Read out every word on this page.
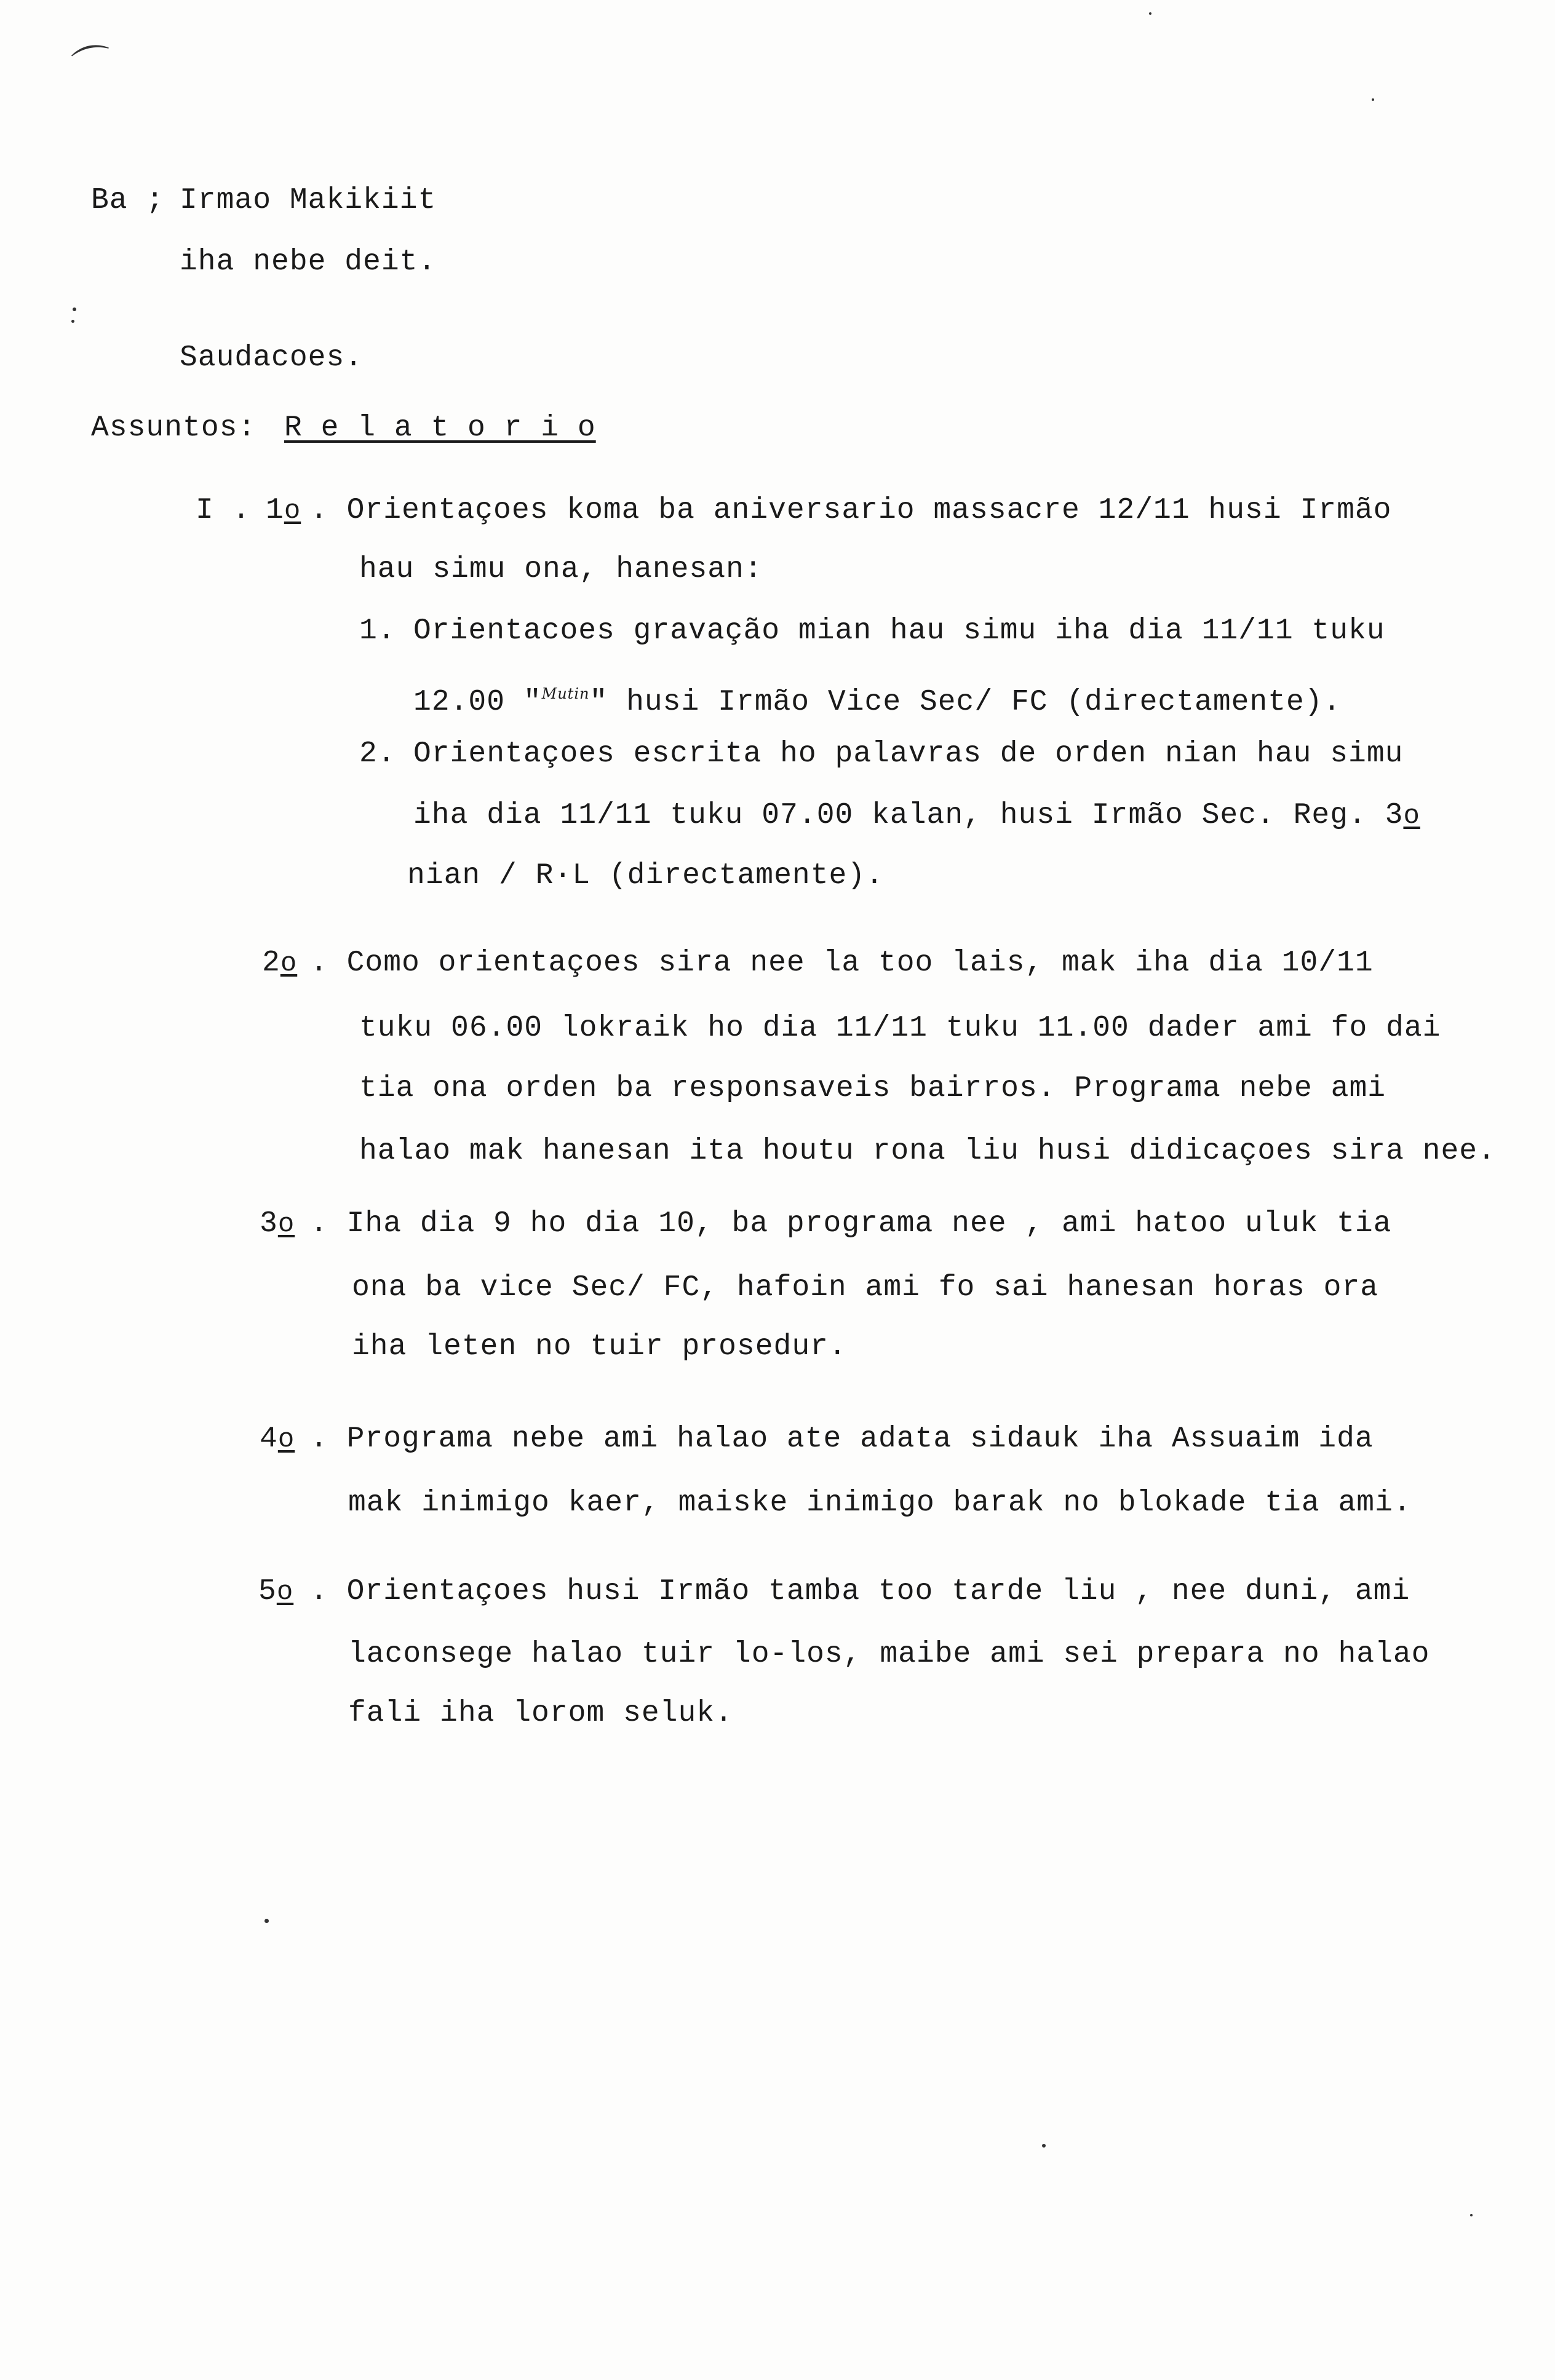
⌒
Ba ; Irmao Makikiit
iha nebe deit.
Saudacoes.
Assuntos: R e l a t o r i o
I . 1o . Orientaçoes koma ba aniversario massacre 12/11 husi Irmão
hau simu ona, hanesan:
1. Orientacoes gravação mian hau simu iha dia 11/11 tuku
12.00 "$^{Mutin}$" husi Irmão Vice Sec/ FC (directamente).
2. Orientaçoes escrita ho palavras de orden nian hau simu
iha dia 11/11 tuku 07.00 kalan, husi Irmão Sec. Reg. 3o
nian / R·L (directamente).
2o . Como orientaçoes sira nee la too lais, mak iha dia 10/11
tuku 06.00 lokraik ho dia 11/11 tuku 11.00 dader ami fo dai
tia ona orden ba responsaveis bairros. Programa nebe ami
halao mak hanesan ita houtu rona liu husi didicaçoes sira nee.
3o . Iha dia 9 ho dia 10, ba programa nee , ami hatoo uluk tia
ona ba vice Sec/ FC, hafoin ami fo sai hanesan horas ora
iha leten no tuir prosedur.
4o . Programa nebe ami halao ate adata sidauk iha Assuaim ida
mak inimigo kaer, maiske inimigo barak no blokade tia ami.
5o . Orientaçoes husi Irmão tamba too tarde liu , nee duni, ami
laconsege halao tuir lo-los, maibe ami sei prepara no halao
fali iha lorom seluk.
